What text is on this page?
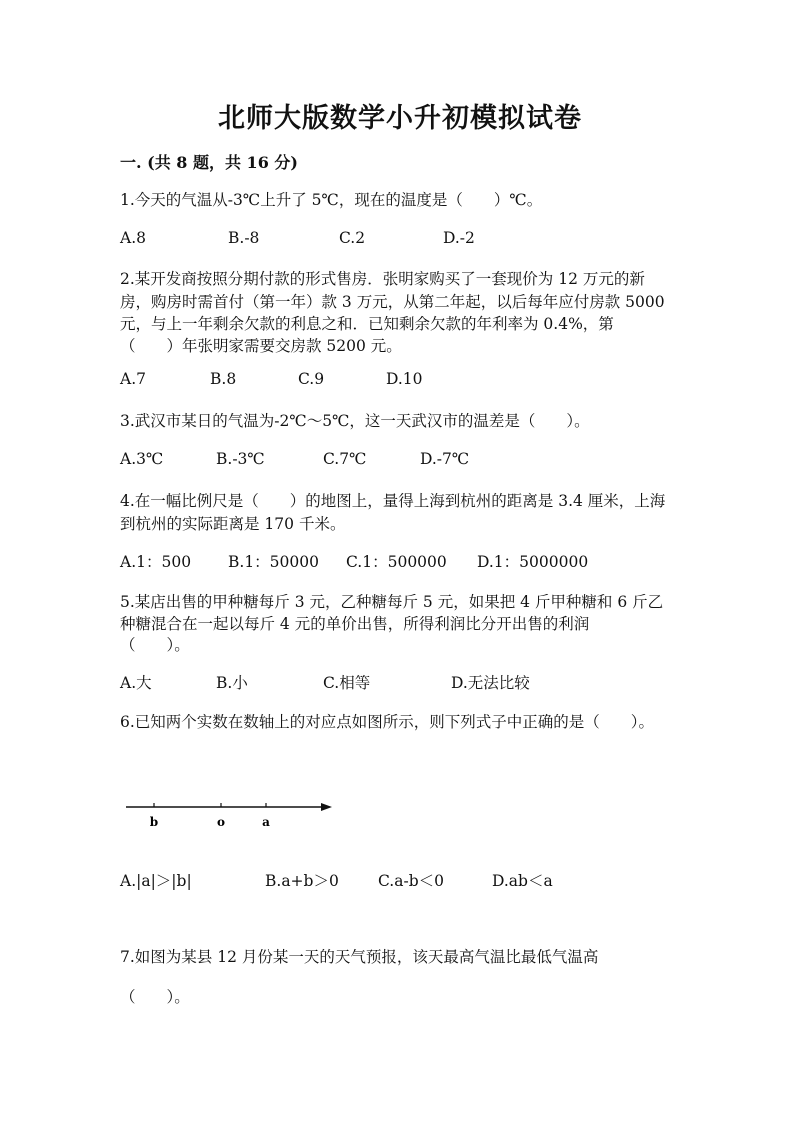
北师大版数学小升初模拟试卷
一. (共 8 题，共 16 分)
1.今天的气温从-3℃上升了 5℃，现在的温度是（　　）℃。
A.8	B.-8	C.2	D.-2
2.某开发商按照分期付款的形式售房．张明家购买了一套现价为 12 万元的新
房，购房时需首付（第一年）款 3 万元，从第二年起，以后每年应付房款 5000
元，与上一年剩余欠款的利息之和．已知剩余欠款的年利率为 0.4%，第
（　　）年张明家需要交房款 5200 元。
A.7	B.8	C.9	D.10
3.武汉市某日的气温为-2℃～5℃，这一天武汉市的温差是（　　）。
A.3℃	B.-3℃	C.7℃	D.-7℃
4.在一幅比例尺是（　　）的地图上，量得上海到杭州的距离是 3.4 厘米，上海
到杭州的实际距离是 170 千米。
A.1：500 B.1：50000 C.1：500000 D.1：5000000
5.某店出售的甲种糖每斤 3 元，乙种糖每斤 5 元，如果把 4 斤甲种糖和 6 斤乙
种糖混合在一起以每斤 4 元的单价出售，所得利润比分开出售的利润
（　　）。
A.大	B.小	C.相等	D.无法比较
6.已知两个实数在数轴上的对应点如图所示，则下列式子中正确的是（　　）。
b	o	a
A.|a|＞|b|	B.a+b＞0	C.a-b＜0	D.ab＜a
7.如图为某县 12 月份某一天的天气预报，该天最高气温比最低气温高
（　　）。
